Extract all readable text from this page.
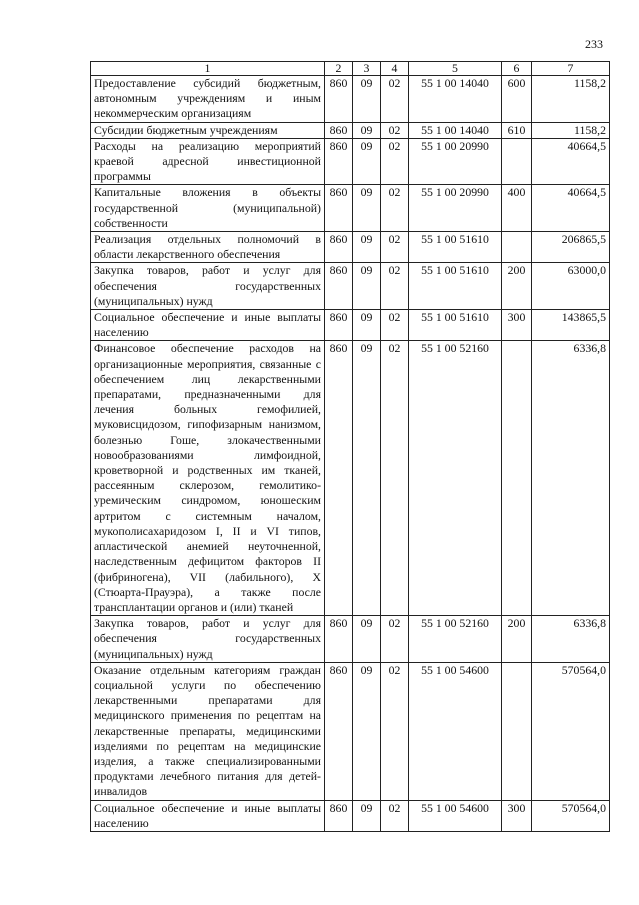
233
1	2	3	4	5	6	7
Предоставление субсидий бюджетным, автономным учреждениям и иным некоммерческим организациям	860	09	02	55 1 00 14040	600	1158,2
Субсидии бюджетным учреждениям	860	09	02	55 1 00 14040	610	1158,2
Расходы на реализацию мероприятий краевой адресной инвестиционной программы	860	09	02	55 1 00 20990		40664,5
Капитальные вложения в объекты государственной (муниципальной) собственности	860	09	02	55 1 00 20990	400	40664,5
Реализация отдельных полномочий в области лекарственного обеспечения	860	09	02	55 1 00 51610		206865,5
Закупка товаров, работ и услуг для обеспечения государственных (муниципальных) нужд	860	09	02	55 1 00 51610	200	63000,0
Социальное обеспечение и иные выплаты населению	860	09	02	55 1 00 51610	300	143865,5
Финансовое обеспечение расходов на организационные мероприятия, связанные с обеспечением лиц лекарственными препаратами, предназначенными для лечения больных гемофилией, муковисцидозом, гипофизарным нанизмом, болезнью Гоше, злокачественными новообразованиями лимфоидной, кроветворной и родственных им тканей, рассеянным склерозом, гемолитико-уремическим синдромом, юношеским артритом с системным началом, мукополисахаридозом I, II и VI типов, апластической анемией неуточненной, наследственным дефицитом факторов II (фибриногена), VII (лабильного), X (Стюарта-Прауэра), а также после трансплантации органов и (или) тканей	860	09	02	55 1 00 52160		6336,8
Закупка товаров, работ и услуг для обеспечения государственных (муниципальных) нужд	860	09	02	55 1 00 52160	200	6336,8
Оказание отдельным категориям граждан социальной услуги по обеспечению лекарственными препаратами для медицинского применения по рецептам на лекарственные препараты, медицинскими изделиями по рецептам на медицинские изделия, а также специализированными продуктами лечебного питания для детей-инвалидов	860	09	02	55 1 00 54600		570564,0
Социальное обеспечение и иные выплаты населению	860	09	02	55 1 00 54600	300	570564,0
